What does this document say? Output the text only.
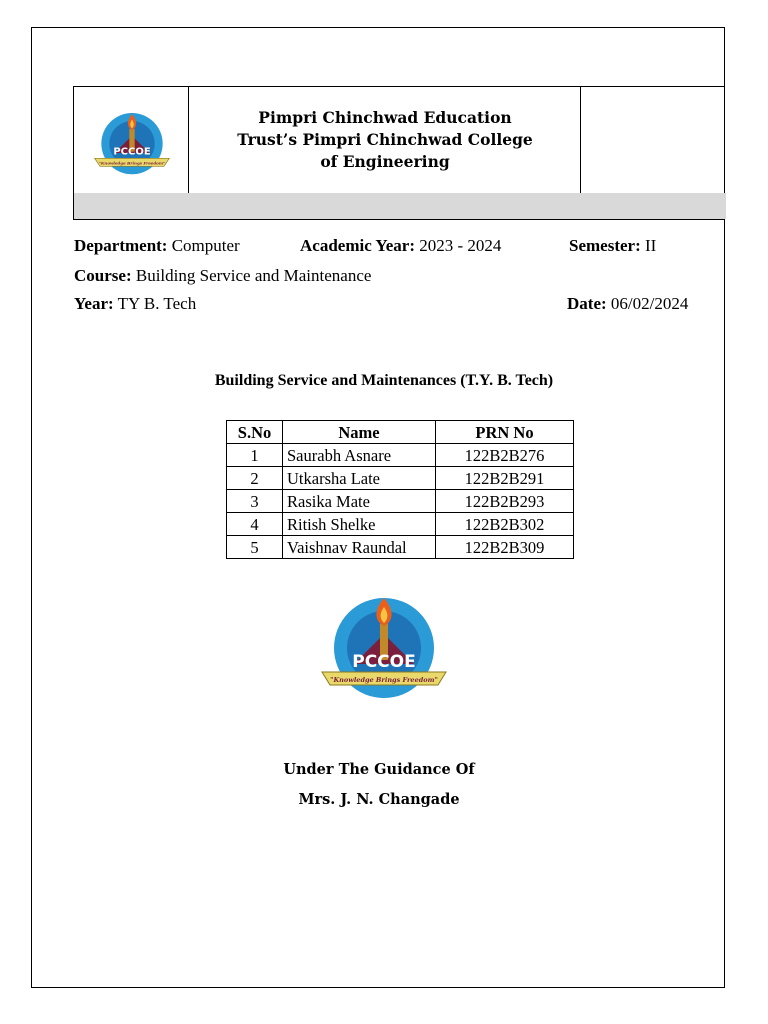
PCCOE
"Knowledge Brings Freedom"
Pimpri Chinchwad Education
Trust’s Pimpri Chinchwad College
of Engineering
Department: Computer	Academic Year: 2023 - 2024	Semester: II
Course: Building Service and Maintenance
Year: TY B. Tech	Date: 06/02/2024
Building Service and Maintenances (T.Y. B. Tech)
S.No	Name	PRN No
1	Saurabh Asnare	122B2B276
2	Utkarsha Late	122B2B291
3	Rasika Mate	122B2B293
4	Ritish Shelke	122B2B302
5	Vaishnav Raundal	122B2B309
PCCOE
"Knowledge Brings Freedom"
Under The Guidance Of
Mrs. J. N. Changade
